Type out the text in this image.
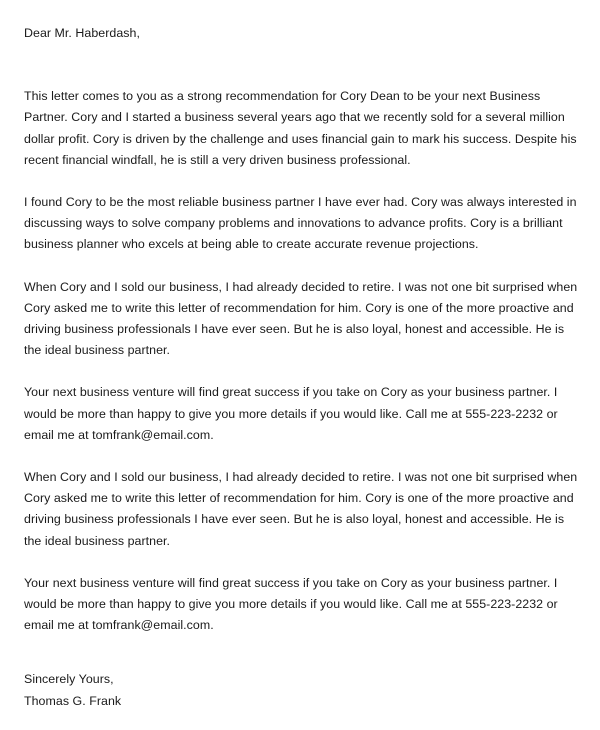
Dear Mr. Haberdash,

This letter comes to you as a strong recommendation for Cory Dean to be your next Business Partner. Cory and I started a business several years ago that we recently sold for a several million dollar profit. Cory is driven by the challenge and uses financial gain to mark his success. Despite his recent financial windfall, he is still a very driven business professional.

I found Cory to be the most reliable business partner I have ever had. Cory was always interested in discussing ways to solve company problems and innovations to advance profits. Cory is a brilliant business planner who excels at being able to create accurate revenue projections.

When Cory and I sold our business, I had already decided to retire. I was not one bit surprised when Cory asked me to write this letter of recommendation for him. Cory is one of the more proactive and driving business professionals I have ever seen. But he is also loyal, honest and accessible. He is the ideal business partner.

Your next business venture will find great success if you take on Cory as your business partner. I would be more than happy to give you more details if you would like. Call me at 555-223-2232 or email me at tomfrank@email.com.

When Cory and I sold our business, I had already decided to retire. I was not one bit surprised when Cory asked me to write this letter of recommendation for him. Cory is one of the more proactive and driving business professionals I have ever seen. But he is also loyal, honest and accessible. He is the ideal business partner.

Your next business venture will find great success if you take on Cory as your business partner. I would be more than happy to give you more details if you would like. Call me at 555-223-2232 or email me at tomfrank@email.com.

Sincerely Yours,
Thomas G. Frank
